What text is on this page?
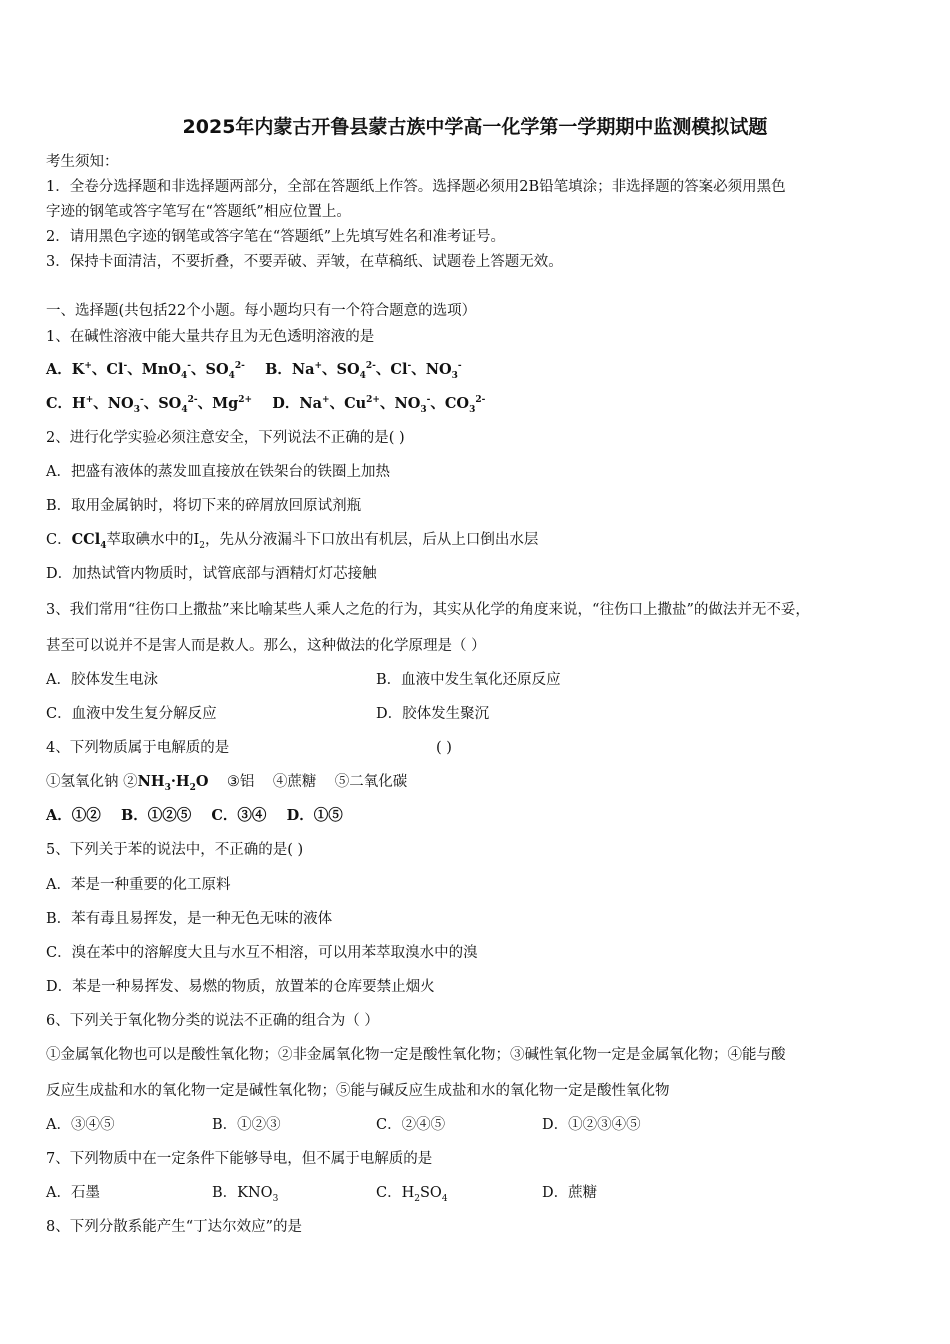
2025年内蒙古开鲁县蒙古族中学高一化学第一学期期中监测模拟试题
考生须知：
1．全卷分选择题和非选择题两部分，全部在答题纸上作答。选择题必须用2B铅笔填涂；非选择题的答案必须用黑色
字迹的钢笔或答字笔写在“答题纸”相应位置上。
2．请用黑色字迹的钢笔或答字笔在“答题纸”上先填写姓名和准考证号。
3．保持卡面清洁，不要折叠，不要弄破、弄皱，在草稿纸、试题卷上答题无效。
一、选择题(共包括22个小题。每小题均只有一个符合题意的选项）
1、在碱性溶液中能大量共存且为无色透明溶液的是
A．K+、Cl-、MnO$_4$-、$SO_4^{2-}$ B．Na+、$SO_4^{2-}$、Cl-、$NO_3^-$
C．H+、$NO_3^-$、$SO_4^{2-}$、$Mg^{2+}$ D．Na+、$Cu^{2+}$、$NO_3^-$、$CO_3^{2-}$
2、进行化学实验必须注意安全，下列说法不正确的是( )
A．把盛有液体的蒸发皿直接放在铁架台的铁圈上加热
B．取用金属钠时，将切下来的碎屑放回原试剂瓶
C．CCl$_4$萃取碘水中的$I_2$，先从分液漏斗下口放出有机层，后从上口倒出水层
D．加热试管内物质时，试管底部与酒精灯灯芯接触
3、我们常用“往伤口上撒盐”来比喻某些人乘人之危的行为，其实从化学的角度来说，“往伤口上撒盐”的做法并无不妥，
甚至可以说并不是害人而是救人。那么，这种做法的化学原理是（ ）
A．胶体发生电泳	B．血液中发生氧化还原反应
C．血液中发生复分解反应	D．胶体发生聚沉
4、下列物质属于电解质的是	( )
①氢氧化钠 $②NH_3\cdot H_2O$    ③铝    ④蔗糖    ⑤二氧化碳
A．①②    B．①②⑤    C．③④    D．①⑤
5、下列关于苯的说法中，不正确的是( )
A．苯是一种重要的化工原料
B．苯有毒且易挥发，是一种无色无味的液体
C．溴在苯中的溶解度大且与水互不相溶，可以用苯萃取溴水中的溴
D．苯是一种易挥发、易燃的物质，放置苯的仓库要禁止烟火
6、下列关于氧化物分类的说法不正确的组合为（ ）
①金属氧化物也可以是酸性氧化物；②非金属氧化物一定是酸性氧化物；③碱性氧化物一定是金属氧化物；④能与酸
反应生成盐和水的氧化物一定是碱性氧化物；⑤能与碱反应生成盐和水的氧化物一定是酸性氧化物
A．③④⑤	B．①②③	C．②④⑤	D．①②③④⑤
7、下列物质中在一定条件下能够导电，但不属于电解质的是
A．石墨	B．$KNO_3$	C．$H_2SO_4$	D．蔗糖
8、下列分散系能产生“丁达尔效应”的是
